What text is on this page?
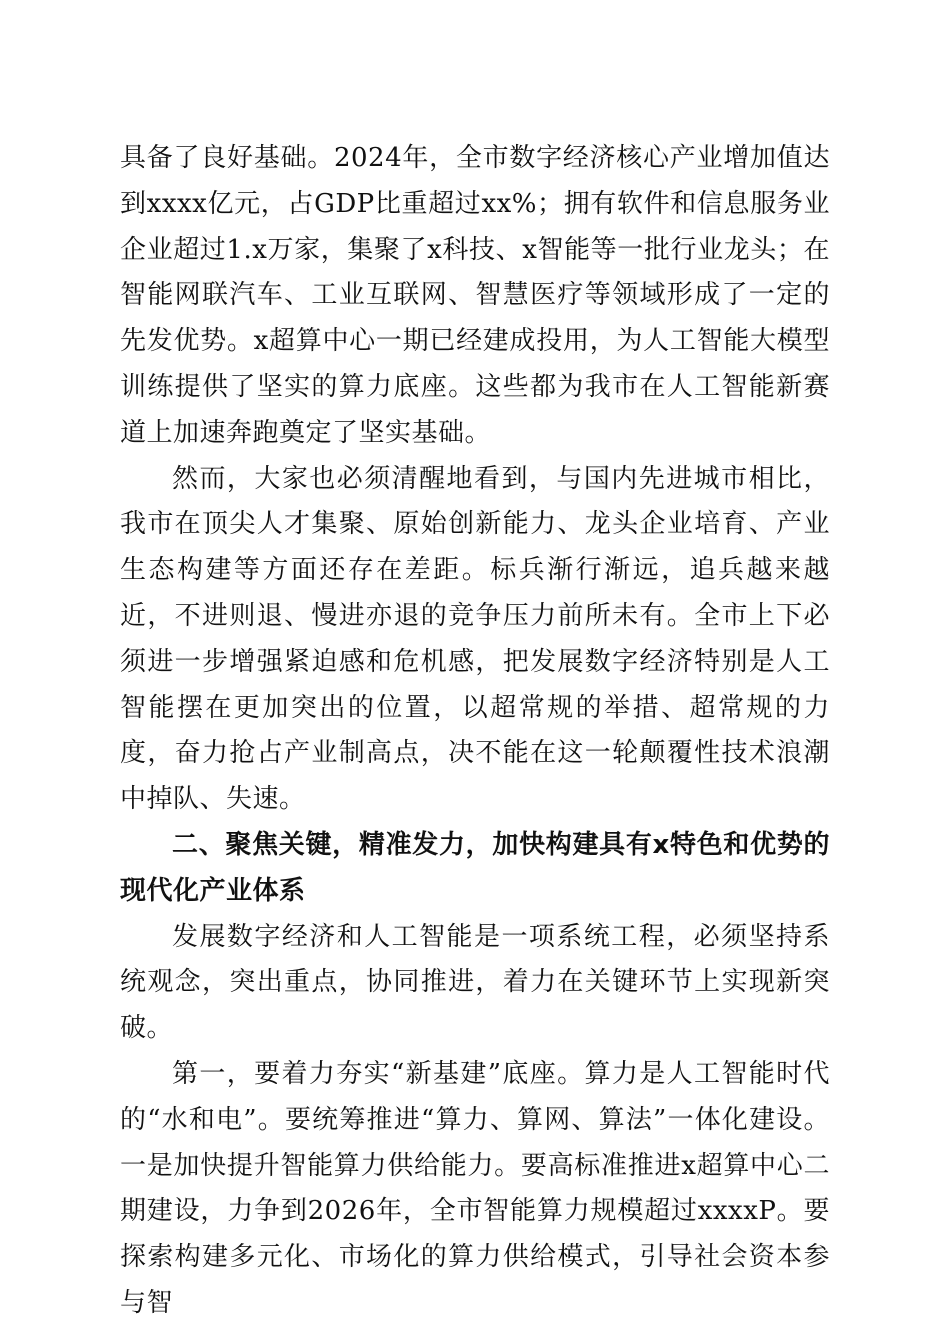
具备了良好基础。2024年，全市数字经济核心产业增加值达到xxxx亿元，占GDP比重超过xx%；拥有软件和信息服务业企业超过1.x万家，集聚了x科技、x智能等一批行业龙头；在智能网联汽车、工业互联网、智慧医疗等领域形成了一定的先发优势。x超算中心一期已经建成投用，为人工智能大模型训练提供了坚实的算力底座。这些都为我市在人工智能新赛道上加速奔跑奠定了坚实基础。

然而，大家也必须清醒地看到，与国内先进城市相比，我市在顶尖人才集聚、原始创新能力、龙头企业培育、产业生态构建等方面还存在差距。标兵渐行渐远，追兵越来越近，不进则退、慢进亦退的竞争压力前所未有。全市上下必须进一步增强紧迫感和危机感，把发展数字经济特别是人工智能摆在更加突出的位置，以超常规的举措、超常规的力度，奋力抢占产业制高点，决不能在这一轮颠覆性技术浪潮中掉队、失速。

二、聚焦关键，精准发力，加快构建具有x特色和优势的现代化产业体系

发展数字经济和人工智能是一项系统工程，必须坚持系统观念，突出重点，协同推进，着力在关键环节上实现新突破。

第一，要着力夯实“新基建”底座。算力是人工智能时代的“水和电”。要统筹推进“算力、算网、算法”一体化建设。一是加快提升智能算力供给能力。要高标准推进x超算中心二期建设，力争到2026年，全市智能算力规模超过xxxxP。要探索构建多元化、市场化的算力供给模式，引导社会资本参与智
